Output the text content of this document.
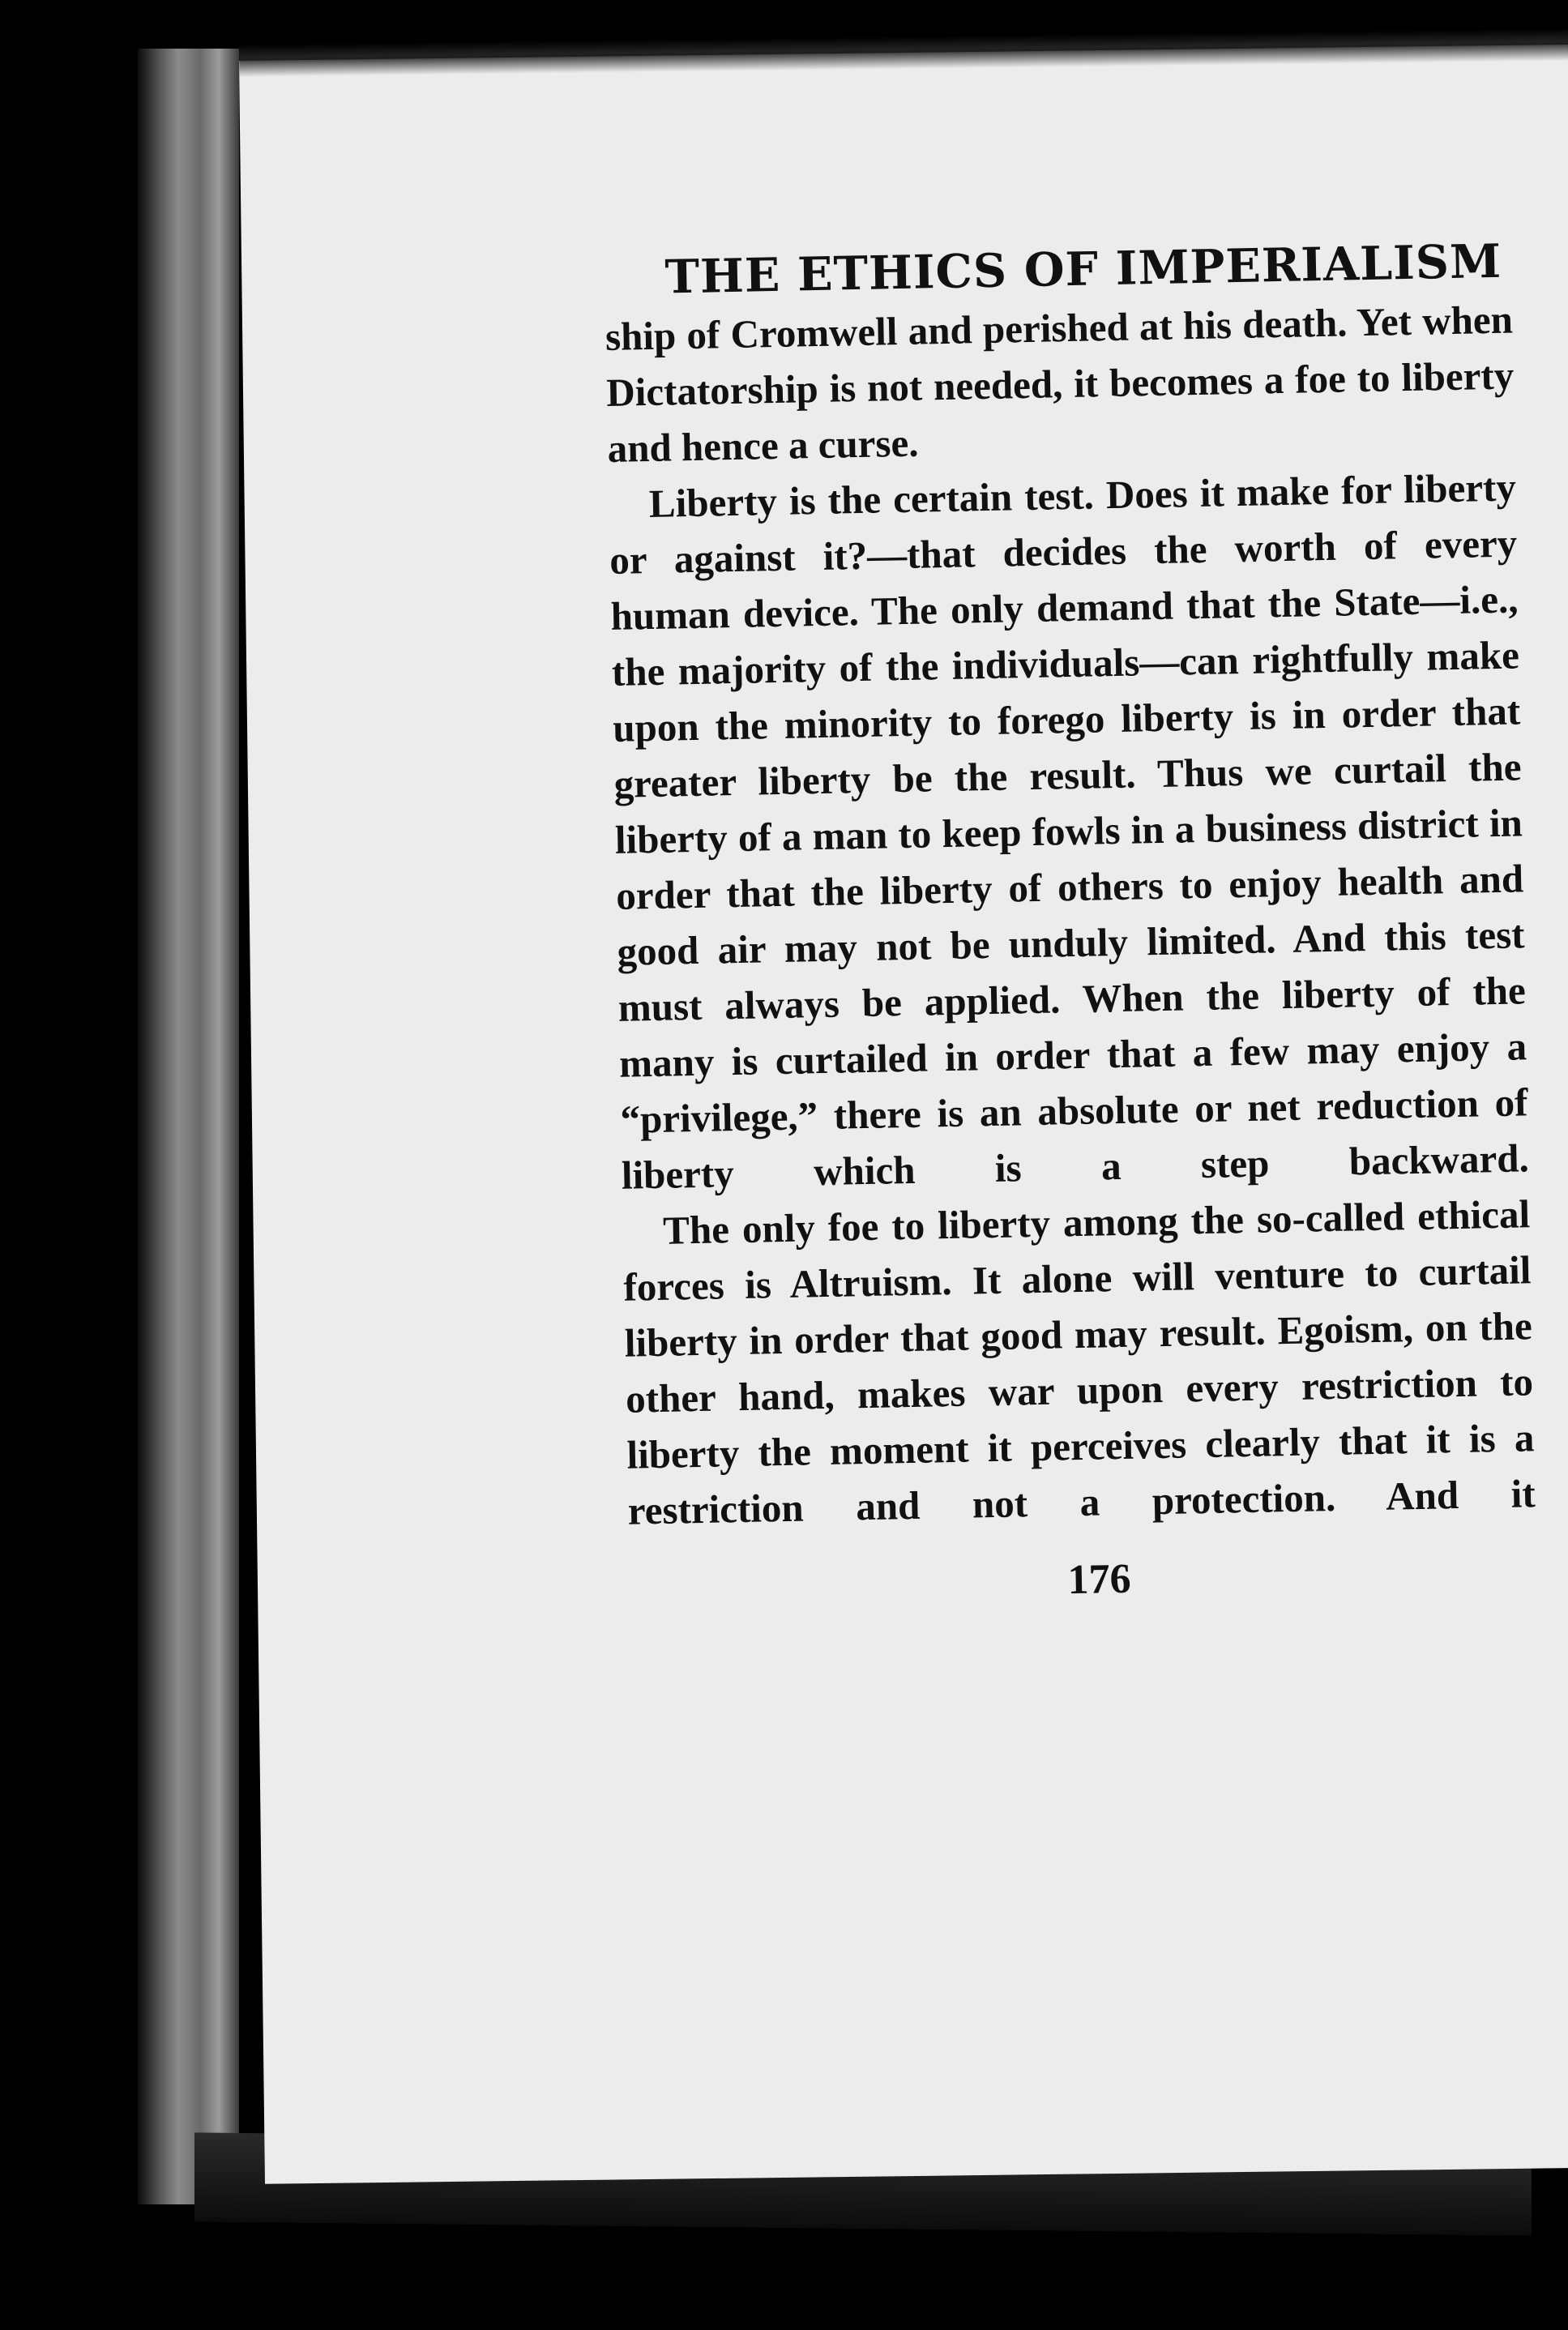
THE ETHICS OF IMPERIALISM

ship of Cromwell and perished at his death. Yet when Dictatorship is not needed, it becomes a foe to liberty and hence a curse.

Liberty is the certain test. Does it make for liberty or against it?—that decides the worth of every human device. The only demand that the State—i.e., the majority of the individuals—can rightfully make upon the minority to forego liberty is in order that greater liberty be the result. Thus we curtail the liberty of a man to keep fowls in a business district in order that the liberty of others to enjoy health and good air may not be unduly limited. And this test must always be applied. When the liberty of the many is curtailed in order that a few may enjoy a “privilege,” there is an absolute or net reduction of liberty which is a step backward.

The only foe to liberty among the so-called ethical forces is Altruism. It alone will venture to curtail liberty in order that good may result. Egoism, on the other hand, makes war upon every restriction to liberty the moment it perceives clearly that it is a restriction and not a protection. And it

176
